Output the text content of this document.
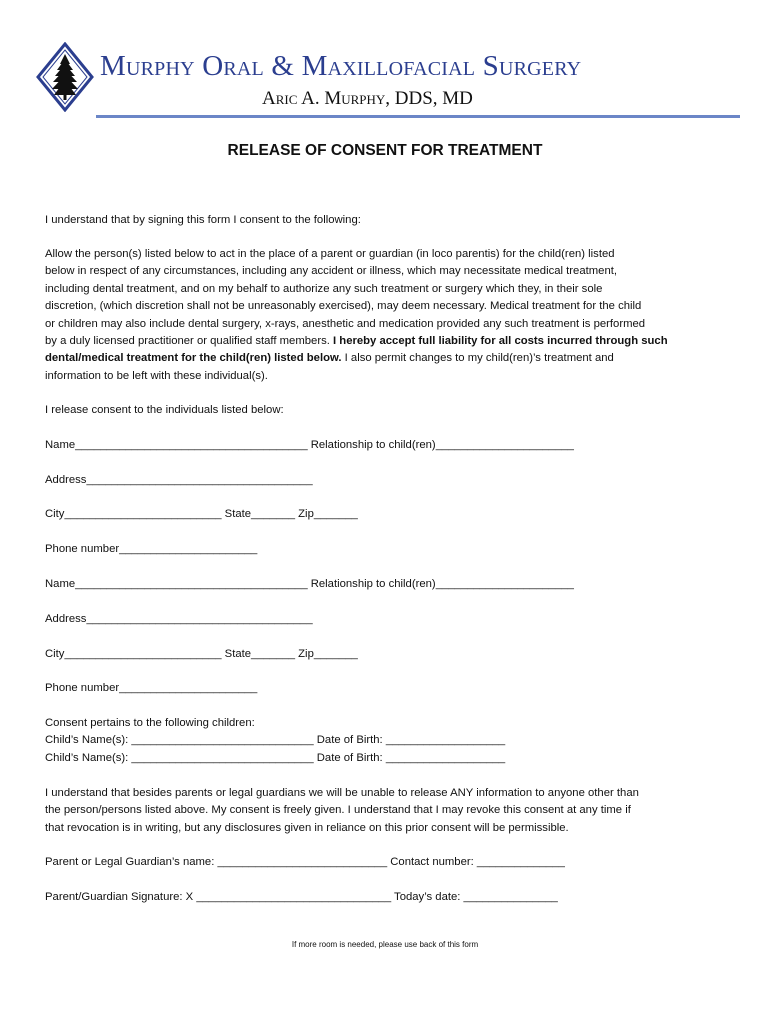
Murphy Oral & Maxillofacial Surgery
Aric A. Murphy, DDS, MD
RELEASE OF CONSENT FOR TREATMENT
I understand that by signing this form I consent to the following:

Allow the person(s) listed below to act in the place of a parent or guardian (in loco parentis) for the child(ren) listed

below in respect of any circumstances, including any accident or illness, which may necessitate medical treatment,

including dental treatment, and on my behalf to authorize any such treatment or surgery which they, in their sole

discretion, (which discretion shall not be unreasonably exercised), may deem necessary. Medical treatment for the child

or children may also include dental surgery, x-rays, anesthetic and medication provided any such treatment is performed

by a duly licensed practitioner or qualified staff members. I hereby accept full liability for all costs incurred through such

dental/medical treatment for the child(ren) listed below. I also permit changes to my child(ren)’s treatment and

information to be left with these individual(s).

I release consent to the individuals listed below:
Name_____________________________________ Relationship to child(ren)______________________
Address____________________________________
City_________________________ State_______ Zip_______
Phone number______________________
Name_____________________________________ Relationship to child(ren)______________________
Address____________________________________
City_________________________ State_______ Zip_______
Phone number______________________
Consent pertains to the following children:
Child’s Name(s): _____________________________ Date of Birth: ___________________
Child’s Name(s): _____________________________ Date of Birth: ___________________

I understand that besides parents or legal guardians we will be unable to release ANY information to anyone other than

the person/persons listed above. My consent is freely given. I understand that I may revoke this consent at any time if

that revocation is in writing, but any disclosures given in reliance on this prior consent will be permissible.

Parent or Legal Guardian’s name: ___________________________ Contact number: ______________
Parent/Guardian Signature: X _______________________________ Today’s date: _______________
If more room is needed, please use back of this form
